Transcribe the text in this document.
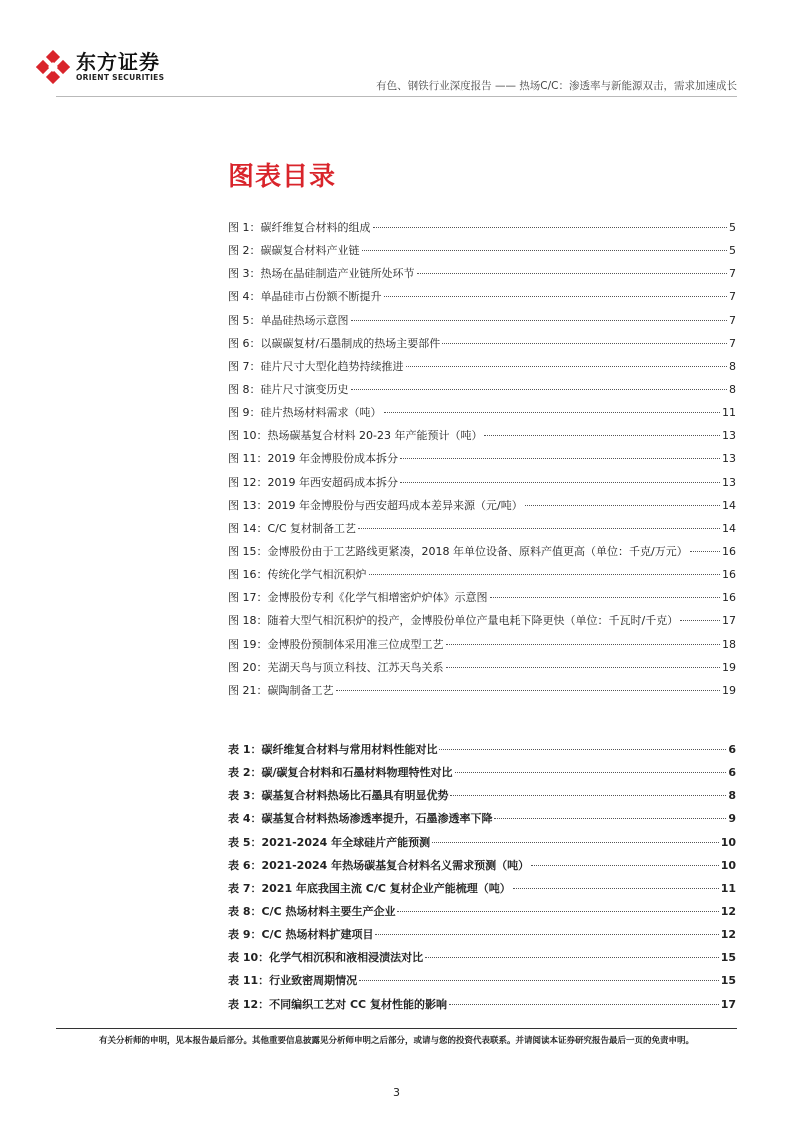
东方证券
ORIENT SECURITIES
有色、钢铁行业深度报告 —— 热场C/C：渗透率与新能源双击，需求加速成长
图表目录
图 1：碳纤维复合材料的组成	5
图 2：碳碳复合材料产业链	5
图 3：热场在晶硅制造产业链所处环节	7
图 4：单晶硅市占份额不断提升	7
图 5：单晶硅热场示意图	7
图 6：以碳碳复材/石墨制成的热场主要部件	7
图 7：硅片尺寸大型化趋势持续推进	8
图 8：硅片尺寸演变历史	8
图 9：硅片热场材料需求（吨）	11
图 10：热场碳基复合材料 20-23 年产能预计（吨）	13
图 11：2019 年金博股份成本拆分	13
图 12：2019 年西安超码成本拆分	13
图 13：2019 年金博股份与西安超玛成本差异来源（元/吨）	14
图 14：C/C 复材制备工艺	14
图 15：金博股份由于工艺路线更紧凑，2018 年单位设备、原料产值更高（单位：千克/万元）	16
图 16：传统化学气相沉积炉	16
图 17：金博股份专利《化学气相增密炉炉体》示意图	16
图 18：随着大型气相沉积炉的投产，金博股份单位产量电耗下降更快（单位：千瓦时/千克）	17
图 19：金博股份预制体采用准三位成型工艺	18
图 20：芜湖天鸟与顶立科技、江苏天鸟关系	19
图 21：碳陶制备工艺	19
表 1：碳纤维复合材料与常用材料性能对比	6
表 2：碳/碳复合材料和石墨材料物理特性对比	6
表 3：碳基复合材料热场比石墨具有明显优势	8
表 4：碳基复合材料热场渗透率提升，石墨渗透率下降	9
表 5：2021-2024 年全球硅片产能预测	10
表 6：2021-2024 年热场碳基复合材料名义需求预测（吨）	10
表 7：2021 年底我国主流 C/C 复材企业产能梳理（吨）	11
表 8：C/C 热场材料主要生产企业	12
表 9：C/C 热场材料扩建项目	12
表 10：化学气相沉积和液相浸渍法对比	15
表 11：行业致密周期情况	15
表 12：不同编织工艺对 CC 复材性能的影响	17
有关分析师的申明，见本报告最后部分。其他重要信息披露见分析师申明之后部分，或请与您的投资代表联系。并请阅读本证券研究报告最后一页的免责申明。
3
